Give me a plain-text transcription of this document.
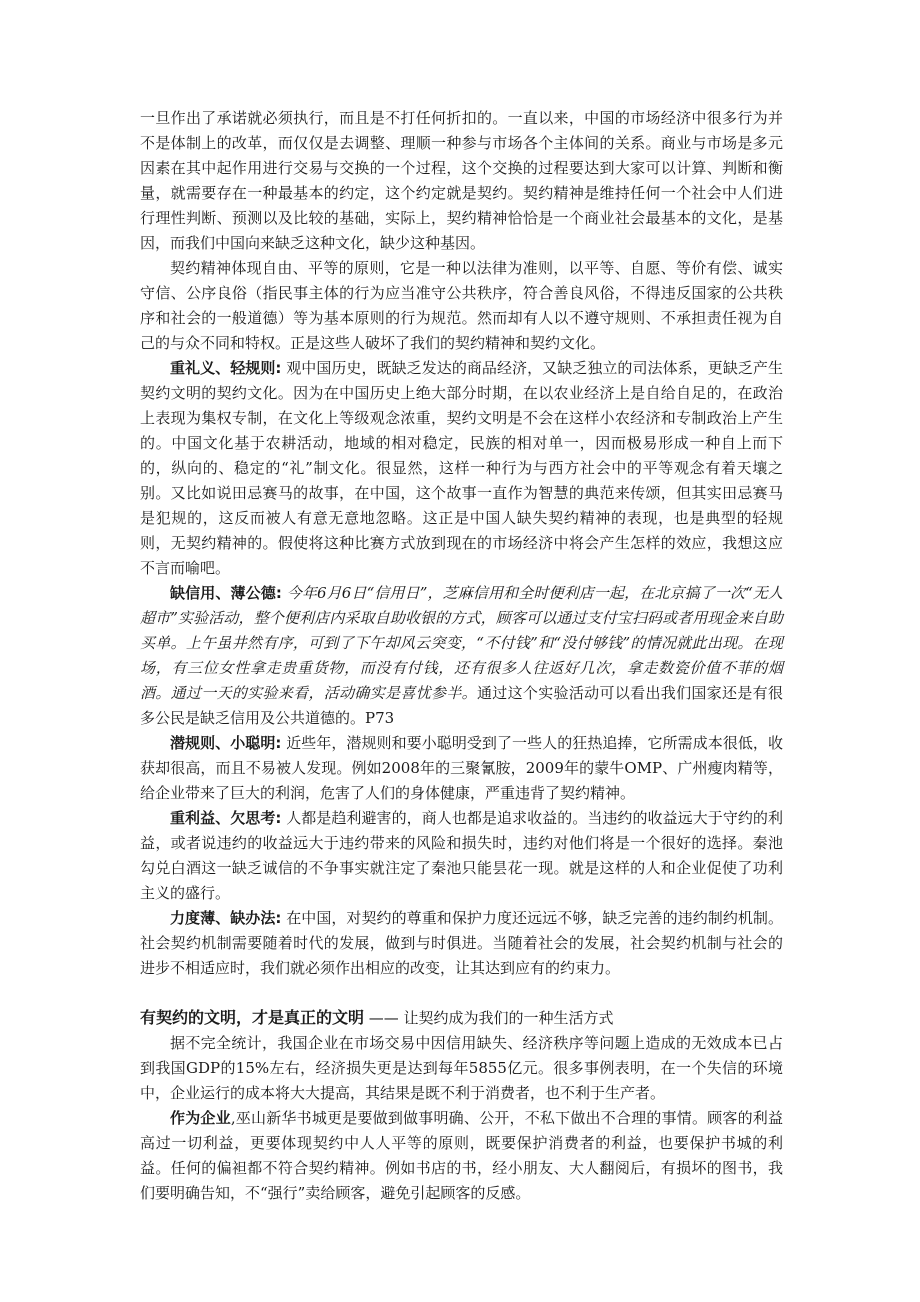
一旦作出了承诺就必须执行，而且是不打任何折扣的。一直以来，中国的市场经济中很多行为并不是体制上的改革，而仅仅是去调整、理顺一种参与市场各个主体间的关系。商业与市场是多元因素在其中起作用进行交易与交换的一个过程，这个交换的过程要达到大家可以计算、判断和衡量，就需要存在一种最基本的约定，这个约定就是契约。契约精神是维持任何一个社会中人们进行理性判断、预测以及比较的基础，实际上，契约精神恰恰是一个商业社会最基本的文化，是基因，而我们中国向来缺乏这种文化，缺少这种基因。

契约精神体现自由、平等的原则，它是一种以法律为准则，以平等、自愿、等价有偿、诚实守信、公序良俗（指民事主体的行为应当准守公共秩序，符合善良风俗，不得违反国家的公共秩序和社会的一般道德）等为基本原则的行为规范。然而却有人以不遵守规则、不承担责任视为自己的与众不同和特权。正是这些人破坏了我们的契约精神和契约文化。

重礼义、轻规则: 观中国历史，既缺乏发达的商品经济，又缺乏独立的司法体系，更缺乏产生契约文明的契约文化。因为在中国历史上绝大部分时期，在以农业经济上是自给自足的，在政治上表现为集权专制，在文化上等级观念浓重，契约文明是不会在这样小农经济和专制政治上产生的。中国文化基于农耕活动，地域的相对稳定，民族的相对单一，因而极易形成一种自上而下的，纵向的、稳定的“礼”制文化。很显然，这样一种行为与西方社会中的平等观念有着天壤之别。又比如说田忌赛马的故事，在中国，这个故事一直作为智慧的典范来传颂，但其实田忌赛马是犯规的，这反而被人有意无意地忽略。这正是中国人缺失契约精神的表现，也是典型的轻规则，无契约精神的。假使将这种比赛方式放到现在的市场经济中将会产生怎样的效应，我想这应不言而喻吧。

缺信用、薄公德: 今年6月6日“信用日”，芝麻信用和全时便利店一起，在北京搞了一次“无人超市”实验活动，整个便利店内采取自助收银的方式，顾客可以通过支付宝扫码或者用现金来自助买单。上午虽井然有序，可到了下午却风云突变，“不付钱”和“没付够钱”的情况就此出现。在现场，有三位女性拿走贵重货物，而没有付钱，还有很多人往返好几次，拿走数瓷价值不菲的烟酒。通过一天的实验来看，活动确实是喜忧参半。通过这个实验活动可以看出我们国家还是有很多公民是缺乏信用及公共道德的。P73

潜规则、小聪明: 近些年，潜规则和要小聪明受到了一些人的狂热追捧，它所需成本很低，收获却很高，而且不易被人发现。例如2008年的三聚氰胺，2009年的蒙牛OMP、广州瘦肉精等，给企业带来了巨大的利润，危害了人们的身体健康，严重违背了契约精神。

重利益、欠思考: 人都是趋利避害的，商人也都是追求收益的。当违约的收益远大于守约的利益，或者说违约的收益远大于违约带来的风险和损失时，违约对他们将是一个很好的选择。秦池勾兑白酒这一缺乏诚信的不争事实就注定了秦池只能昙花一现。就是这样的人和企业促使了功利主义的盛行。

力度薄、缺办法: 在中国，对契约的尊重和保护力度还远远不够，缺乏完善的违约制约机制。社会契约机制需要随着时代的发展，做到与时俱进。当随着社会的发展，社会契约机制与社会的进步不相适应时，我们就必须作出相应的改变，让其达到应有的约束力。

有契约的文明，才是真正的文明 —— 让契约成为我们的一种生活方式

据不完全统计，我国企业在市场交易中因信用缺失、经济秩序等问题上造成的无效成本已占到我国GDP的15%左右，经济损失更是达到每年5855亿元。很多事例表明，在一个失信的环境中，企业运行的成本将大大提高，其结果是既不利于消费者，也不利于生产者。

作为企业,巫山新华书城更是要做到做事明确、公开，不私下做出不合理的事情。顾客的利益高过一切利益，更要体现契约中人人平等的原则，既要保护消费者的利益，也要保护书城的利益。任何的偏袒都不符合契约精神。例如书店的书，经小朋友、大人翻阅后，有损坏的图书，我们要明确告知，不“强行”卖给顾客，避免引起顾客的反感。
